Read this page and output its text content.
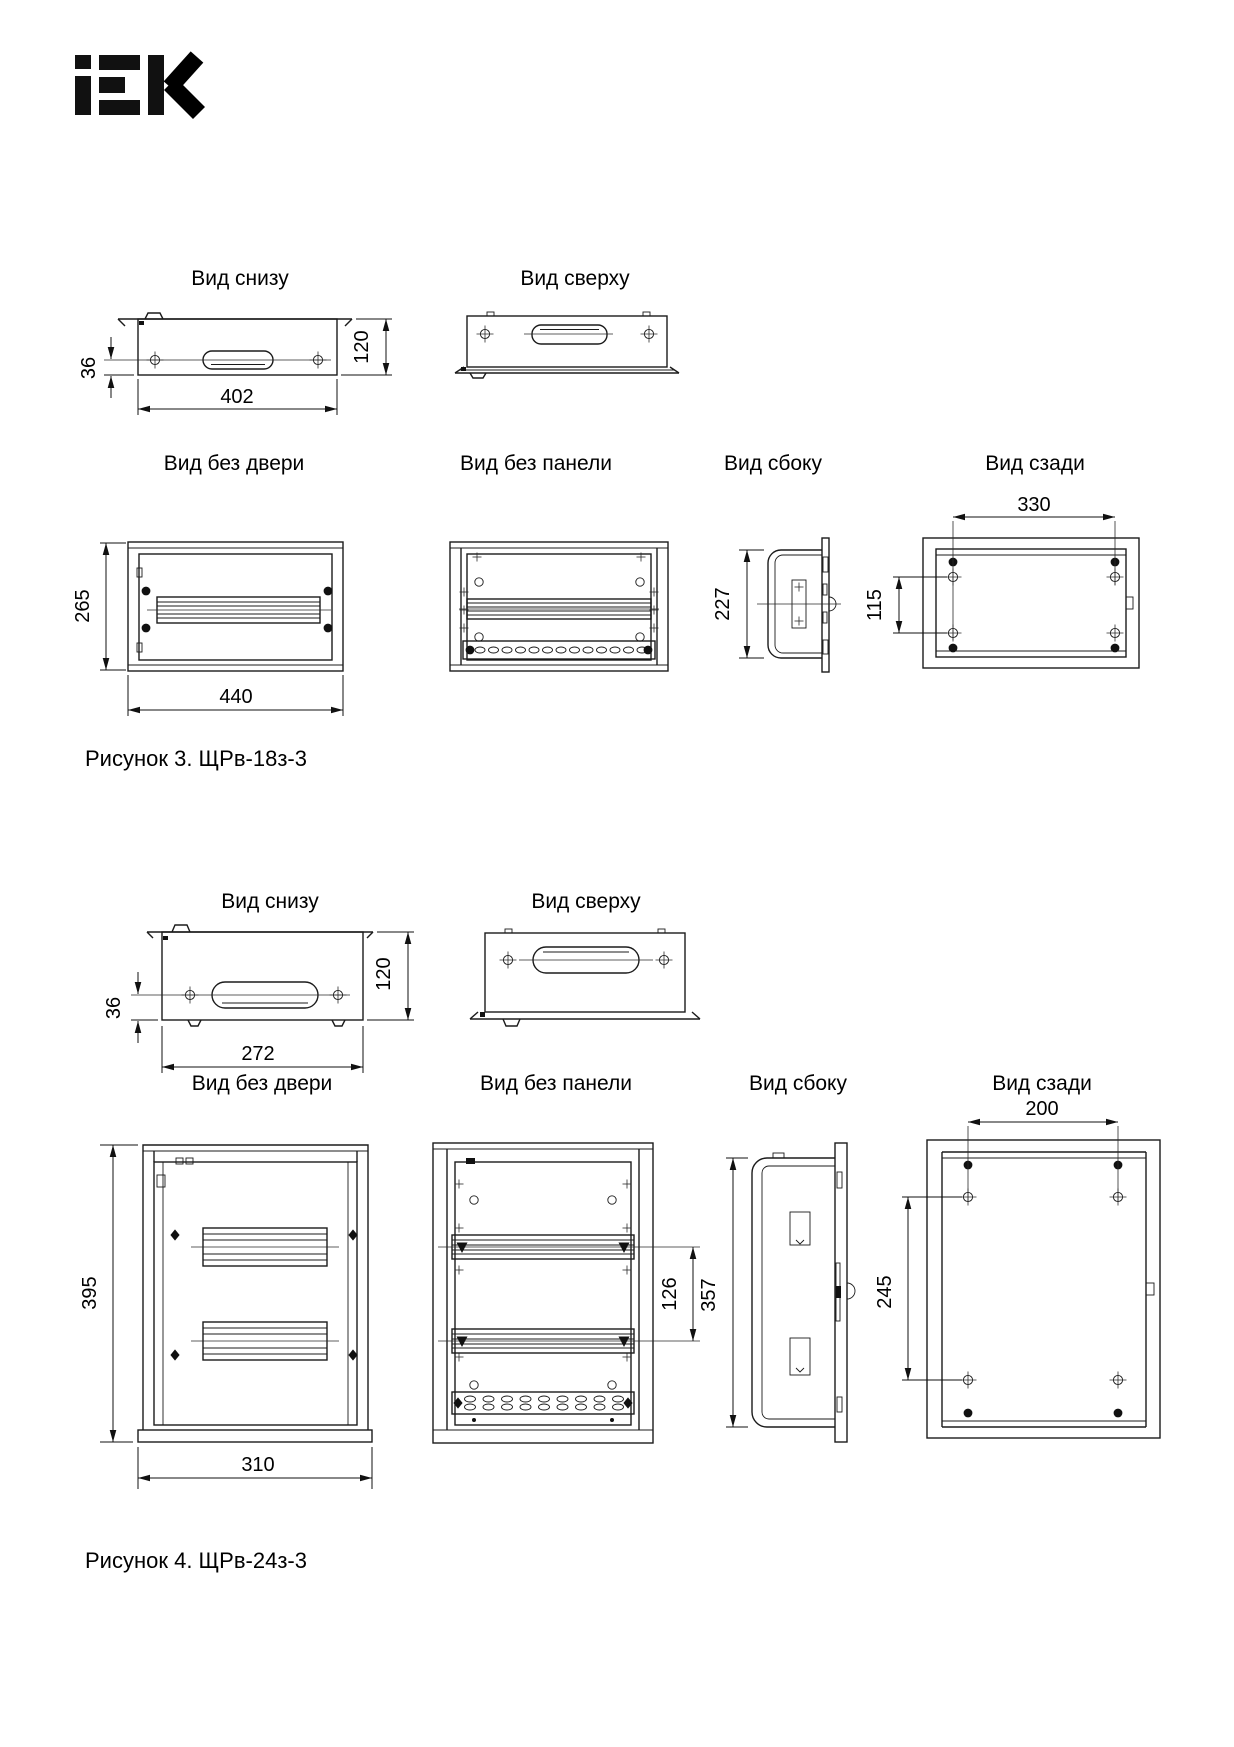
Вид снизу	Вид сверху
36
120
402
Вид без двери	Вид без панели	Вид сбоку	Вид сзади
265
440
227
330
115
Рисунок 3. ЩРв-18з-3
Вид снизу	Вид сверху
36
120
272
Вид без двери	Вид без панели	Вид сбоку	Вид сзади
395
310
126 357
200
245
Рисунок 4. ЩРв-24з-3
